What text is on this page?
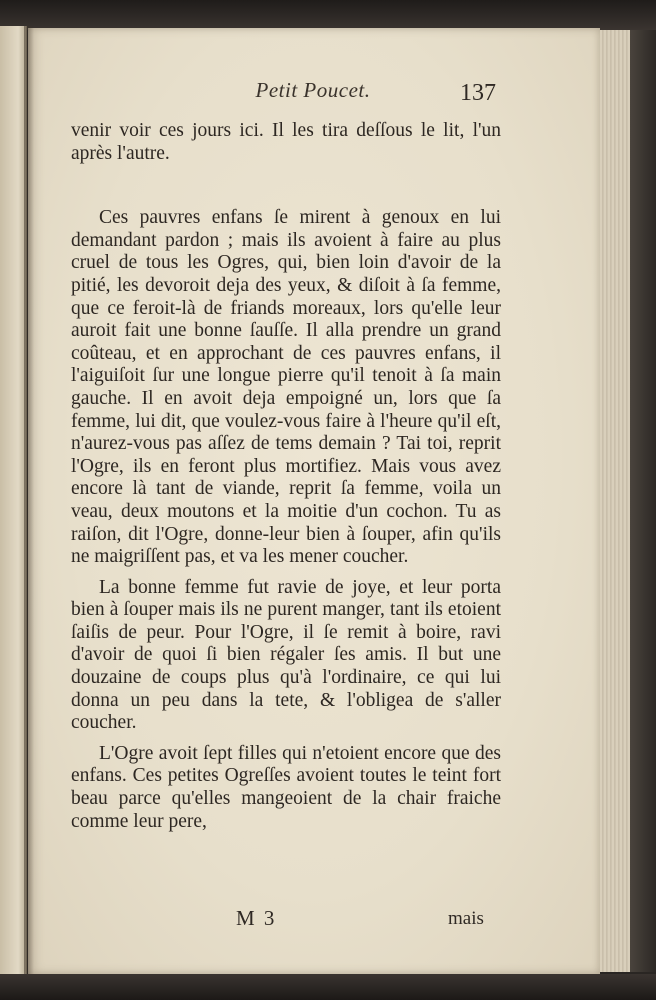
Petit Poucet.	137

venir voir ces jours ici. Il les tira deſſous le lit, l'un après l'autre.

Ces pauvres enfans ſe mirent à genoux en lui demandant pardon ; mais ils avoient à faire au plus cruel de tous les Ogres, qui, bien loin d'avoir de la pitié, les devoroit deja des yeux, & diſoit à ſa femme, que ce feroit-là de friands moreaux, lors qu'elle leur auroit fait une bonne ſauſſe. Il alla prendre un grand coûteau, et en approchant de ces pauvres enfans, il l'aiguiſoit ſur une longue pierre qu'il tenoit à ſa main gauche. Il en avoit deja empoigné un, lors que ſa femme, lui dit, que voulez-vous faire à l'heure qu'il eſt, n'aurez-vous pas aſſez de tems demain ? Tai toi, reprit l'Ogre, ils en feront plus mortifiez. Mais vous avez encore là tant de viande, reprit ſa femme, voila un veau, deux moutons et la moitie d'un cochon. Tu as raiſon, dit l'Ogre, donne-leur bien à ſouper, afin qu'ils ne maigriſſent pas, et va les mener coucher.

La bonne femme fut ravie de joye, et leur porta bien à ſouper mais ils ne purent manger, tant ils etoient ſaiſis de peur. Pour l'Ogre, il ſe remit à boire, ravi d'avoir de quoi ſi bien régaler ſes amis. Il but une douzaine de coups plus qu'à l'ordinaire, ce qui lui donna un peu dans la tete, & l'obligea de s'aller coucher.

L'Ogre avoit ſept filles qui n'etoient encore que des enfans. Ces petites Ogreſſes avoient toutes le teint fort beau parce qu'elles mangeoient de la chair fraiche comme leur pere,

M 3	mais
